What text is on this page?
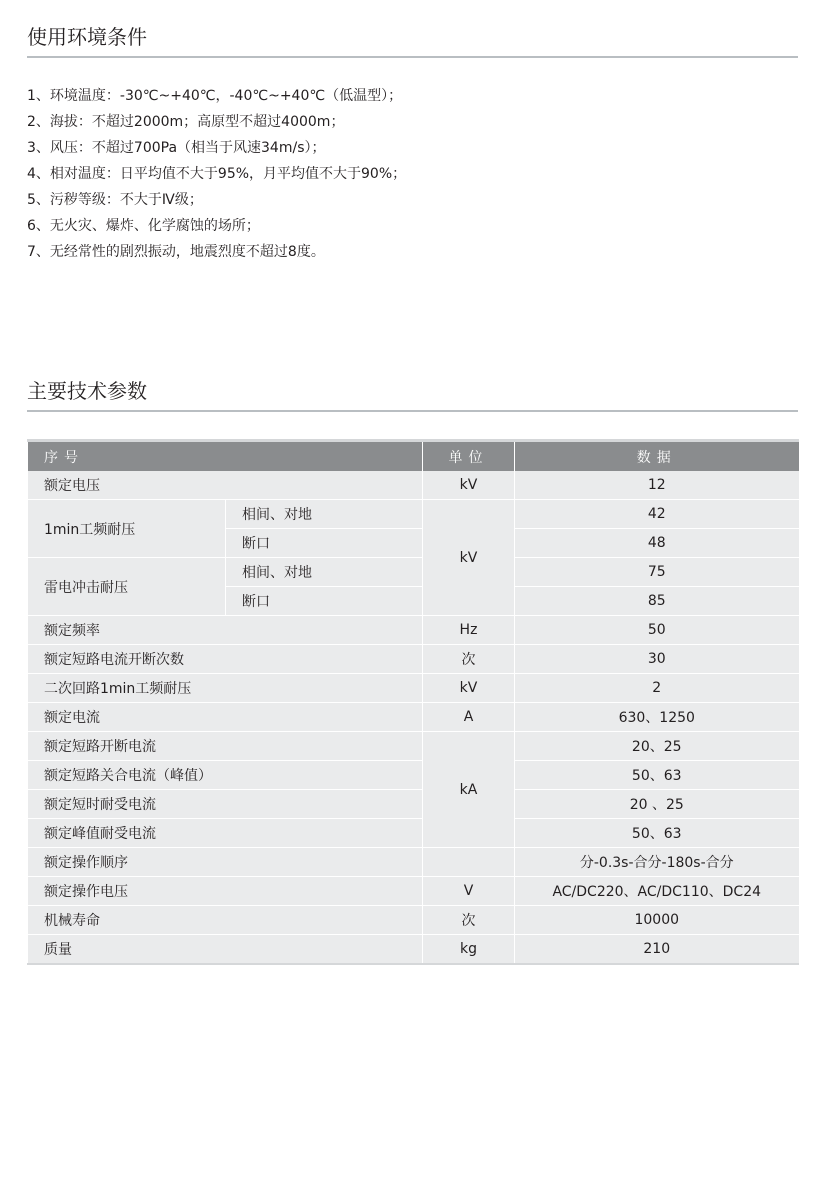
使用环境条件
1、环境温度：-30℃~+40℃，-40℃~+40℃（低温型）；
2、海拔：不超过2000m；高原型不超过4000m；
3、风压：不超过700Pa（相当于风速34m/s）；
4、相对温度：日平均值不大于95%，月平均值不大于90%；
5、污秽等级：不大于Ⅳ级；
6、无火灾、爆炸、化学腐蚀的场所；
7、无经常性的剧烈振动，地震烈度不超过8度。
主要技术参数
序号		单位	数据
额定电压		kV	12
1min工频耐压	相间、对地	kV	42
	断口		48
雷电冲击耐压	相间、对地		75
	断口		85
额定频率		Hz	50
额定短路电流开断次数		次	30
二次回路1min工频耐压		kV	2
额定电流		A	630、1250
额定短路开断电流		kA	20、25
额定短路关合电流（峰值）			50、63
额定短时耐受电流			20 、25
额定峰值耐受电流			50、63
额定操作顺序			分-0.3s-合分-180s-合分
额定操作电压		V	AC/DC220、AC/DC110、DC24
机械寿命		次	10000
质量		kg	210
